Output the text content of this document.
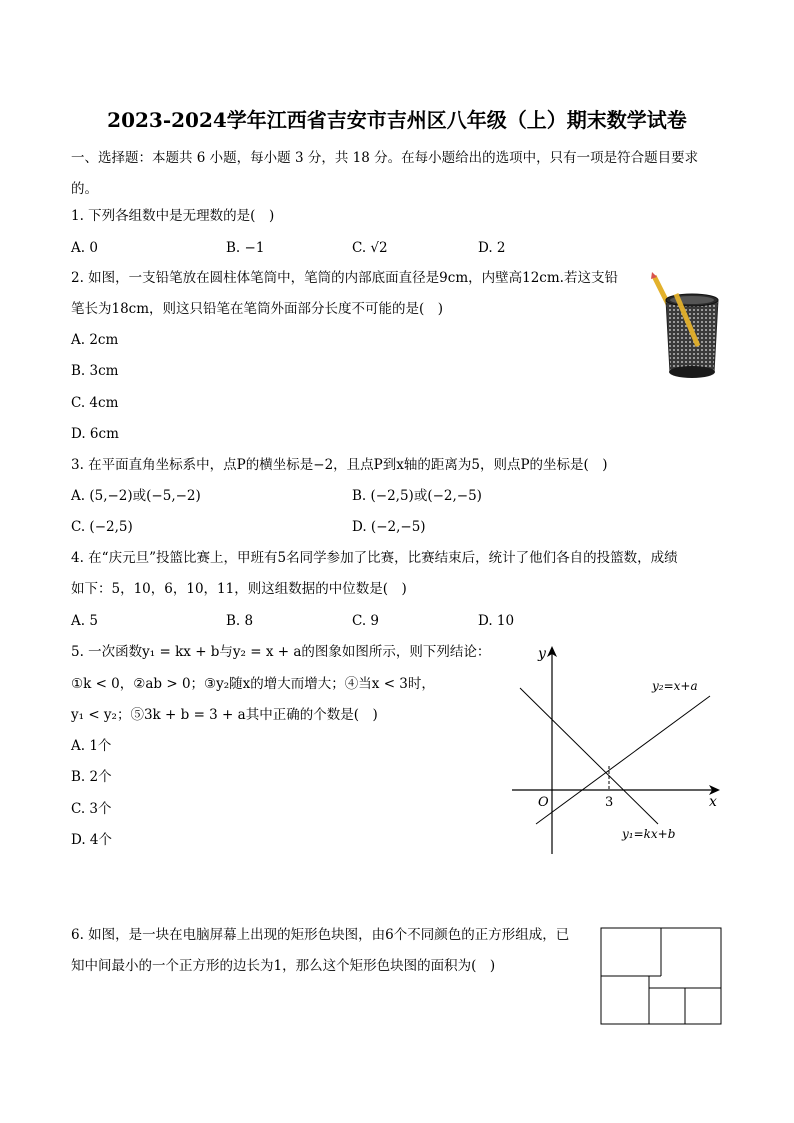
2023-2024学年江西省吉安市吉州区八年级（上）期末数学试卷
一、选择题：本题共 6 小题，每小题 3 分，共 18 分。在每小题给出的选项中，只有一项是符合题目要求
的。
1. 下列各组数中是无理数的是(　)
A. 0	B. −1	C. √2	D. 2
2. 如图，一支铅笔放在圆柱体笔筒中，笔筒的内部底面直径是9cm，内壁高12cm.若这支铅
笔长为18cm，则这只铅笔在笔筒外面部分长度不可能的是(　)
A. 2cm
B. 3cm
C. 4cm
D. 6cm
3. 在平面直角坐标系中，点P的横坐标是−2，且点P到x轴的距离为5，则点P的坐标是(　)
A. (5,−2)或(−5,−2)	B. (−2,5)或(−2,−5)
C. (−2,5)	D. (−2,−5)
4. 在“庆元旦”投篮比赛上，甲班有5名同学参加了比赛，比赛结束后，统计了他们各自的投篮数，成绩
如下：5，10，6，10，11，则这组数据的中位数是(　)
A. 5	B. 8	C. 9	D. 10
5. 一次函数y₁ = kx + b与y₂ = x + a的图象如图所示，则下列结论：
①k < 0，②ab > 0；③y₂随x的增大而增大；④当x < 3时，
y₁ < y₂；⑤3k + b = 3 + a其中正确的个数是(　)
A. 1个
B. 2个
C. 3个
D. 4个
y
x
O	3
y₂=x+a
y₁=kx+b
6. 如图，是一块在电脑屏幕上出现的矩形色块图，由6个不同颜色的正方形组成，已
知中间最小的一个正方形的边长为1，那么这个矩形色块图的面积为(　)
